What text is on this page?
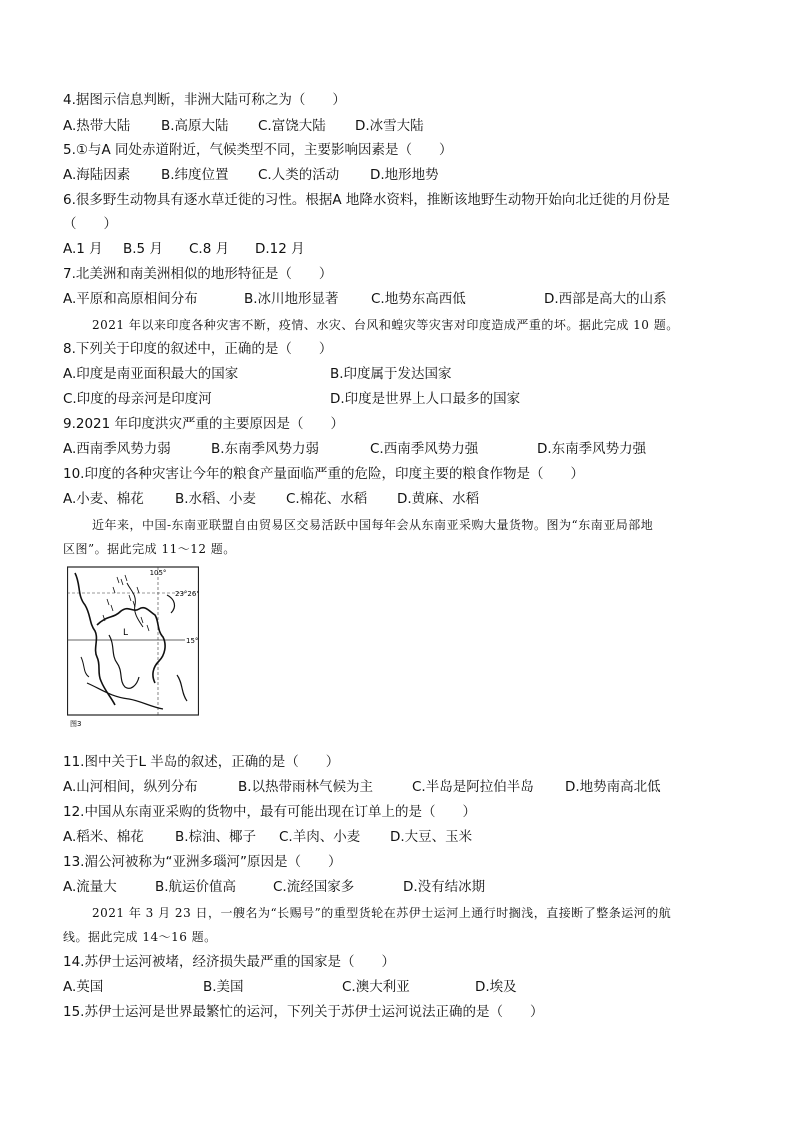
4.据图示信息判断，非洲大陆可称之为（　　）
A.热带大陆 B.高原大陆 C.富饶大陆 D.冰雪大陆
5.①与A 同处赤道附近，气候类型不同，主要影响因素是（　　）
A.海陆因素 B.纬度位置 C.人类的活动 D.地形地势
6.很多野生动物具有逐水草迁徙的习性。根据A 地降水资料，推断该地野生动物开始向北迁徙的月份是
（　　）
A.1 月 B.5 月 C.8 月 D.12 月
7.北美洲和南美洲相似的地形特征是（　　）
A.平原和高原相间分布	B.冰川地形显著 C.地势东高西低	D.西部是高大的山系
2021 年以来印度各种灾害不断，疫情、水灾、台风和蝗灾等灾害对印度造成严重的坏。据此完成 10 题。
8.下列关于印度的叙述中，正确的是（　　）
A.印度是南亚面积最大的国家	B.印度属于发达国家
C.印度的母亲河是印度河	D.印度是世界上人口最多的国家
9.2021 年印度洪灾严重的主要原因是（　　）
A.西南季风势力弱	B.东南季风势力弱	C.西南季风势力强	D.东南季风势力强
10.印度的各种灾害让今年的粮食产量面临严重的危险，印度主要的粮食作物是（　　）
A.小麦、棉花 B.水稻、小麦 C.棉花、水稻 D.黄麻、水稻
近年来，中国-东南亚联盟自由贸易区交易活跃中国每年会从东南亚采购大量货物。图为“东南亚局部地
区图”。据此完成 11～12 题。
105°
23°26'
15°
L
图3
11.图中关于L 半岛的叙述，正确的是（　　）
A.山河相间，纵列分布	B.以热带雨林气候为主	C.半岛是阿拉伯半岛 D.地势南高北低
12.中国从东南亚采购的货物中，最有可能出现在订单上的是（　　）
A.稻米、棉花 B.棕油、椰子 C.羊肉、小麦 D.大豆、玉米
13.湄公河被称为“亚洲多瑙河”原因是（　　）
A.流量大	B.航运价值高	C.流经国家多	D.没有结冰期
2021 年 3 月 23 日，一艘名为“长赐号”的重型货轮在苏伊士运河上通行时搁浅，直接断了整条运河的航
线。据此完成 14～16 题。
14.苏伊士运河被堵，经济损失最严重的国家是（　　）
A.英国	B.美国	C.澳大利亚	D.埃及
15.苏伊士运河是世界最繁忙的运河，下列关于苏伊士运河说法正确的是（　　）
